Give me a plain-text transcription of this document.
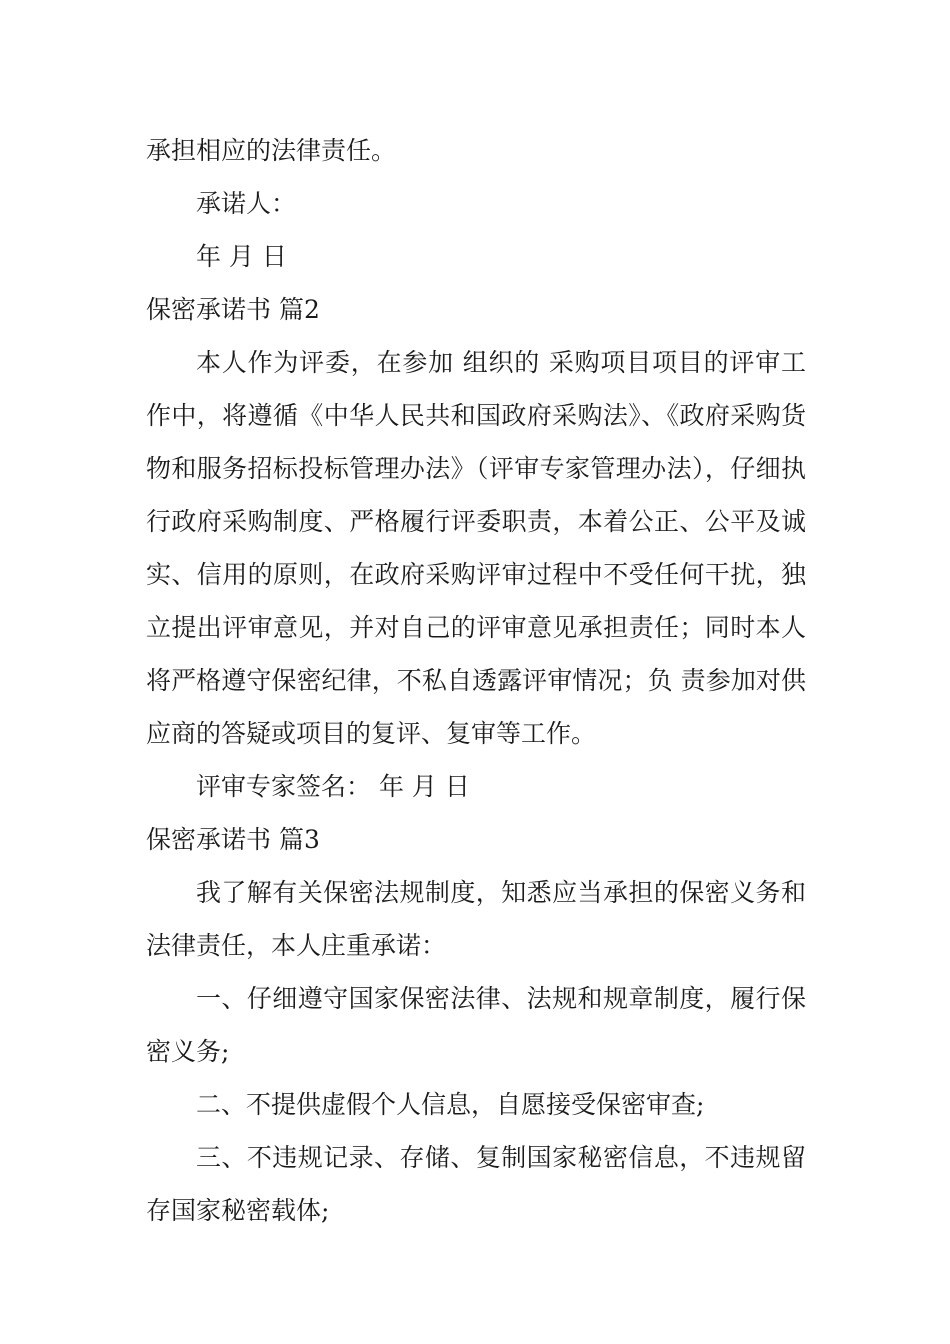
承担相应的法律责任。

承诺人：

年 月 日

保密承诺书 篇2

本人作为评委，在参加 组织的 采购项目项目的评审工作中，将遵循《中华人民共和国政府采购法》、《政府采购货物和服务招标投标管理办法》（评审专家管理办法），仔细执行政府采购制度、严格履行评委职责，本着公正、公平及诚实、信用的原则，在政府采购评审过程中不受任何干扰，独立提出评审意见，并对自己的评审意见承担责任；同时本人将严格遵守保密纪律，不私自透露评审情况；负 责参加对供应商的答疑或项目的复评、复审等工作。

评审专家签名： 年 月 日

保密承诺书 篇3

我了解有关保密法规制度，知悉应当承担的保密义务和法律责任，本人庄重承诺：

一、仔细遵守国家保密法律、法规和规章制度，履行保密义务;

二、不提供虚假个人信息，自愿接受保密审查;

三、不违规记录、存储、复制国家秘密信息，不违规留存国家秘密载体;
